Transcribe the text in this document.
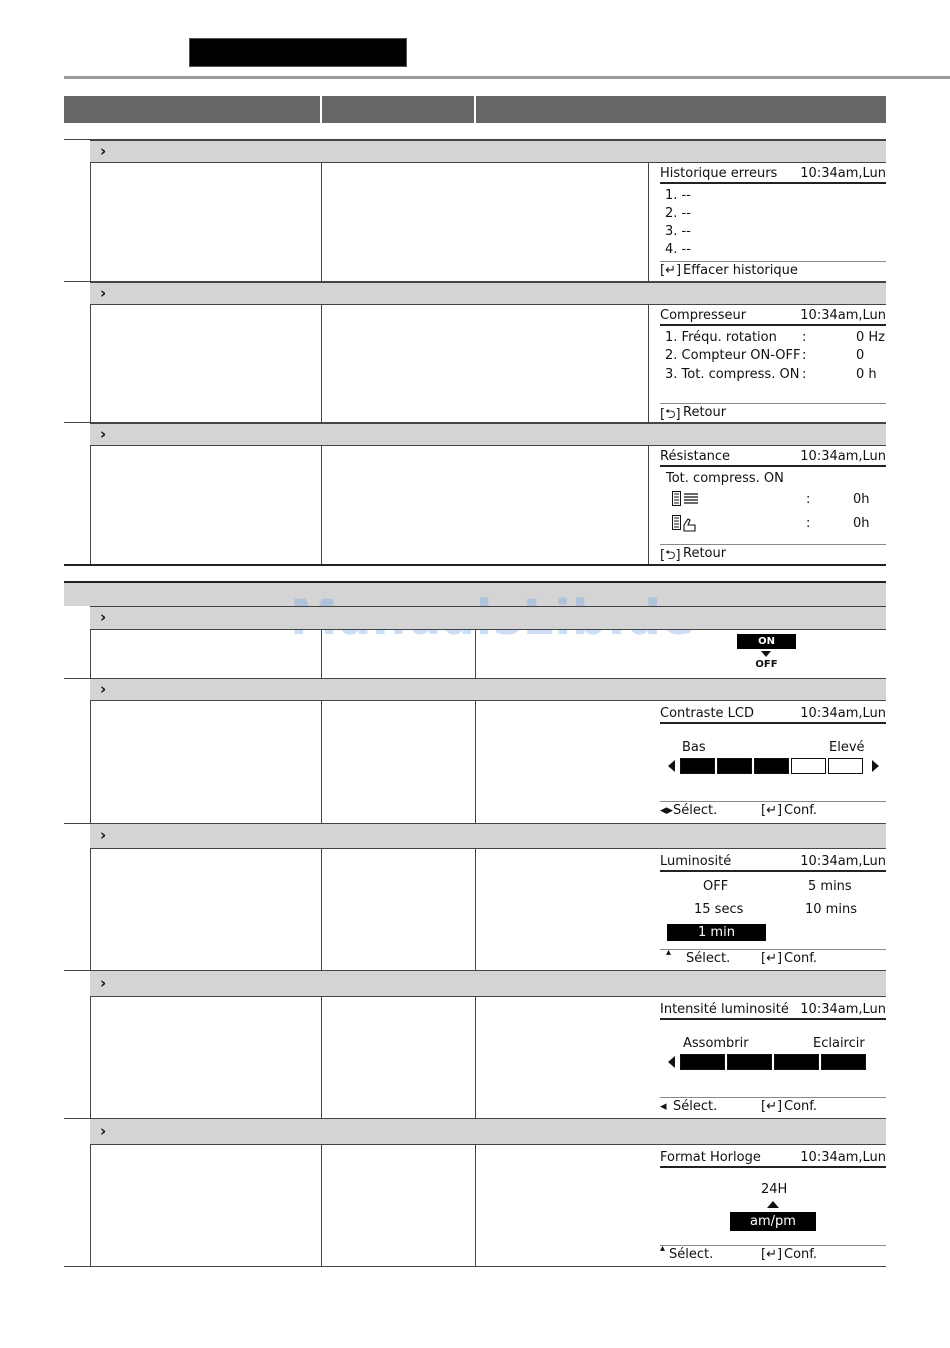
›
Historique erreurs 10:34am,Lun
1. --
2. --
3. --
4. --
[↵] Effacer historique
›
Compresseur	10:34am,Lun
1. Fréqu. rotation :	0 Hz
2. Compteur ON-OFF :	0
3. Tot. compress. ON :	0 h
[⮌] Retour
›
Résistance	10:34am,Lun
Tot. compress. ON
:	0h
:	0h
[⮌] Retour
›
ON
OFF
›
Contraste LCD	10:34am,Lun
Bas	Elevé
◂▸ Sélect.	[↵] Conf.
›
Luminosité	10:34am,Lun
OFF	5 mins
15 secs	10 mins
1 min
▴ Sélect. [↵] Conf.
›
Intensité luminosité 10:34am,Lun
Assombrir	Eclaircir
◂ Sélect.	[↵] Conf.
›
Format Horloge	10:34am,Lun
24H
am/pm
▴ Sélect.	[↵] Conf.
